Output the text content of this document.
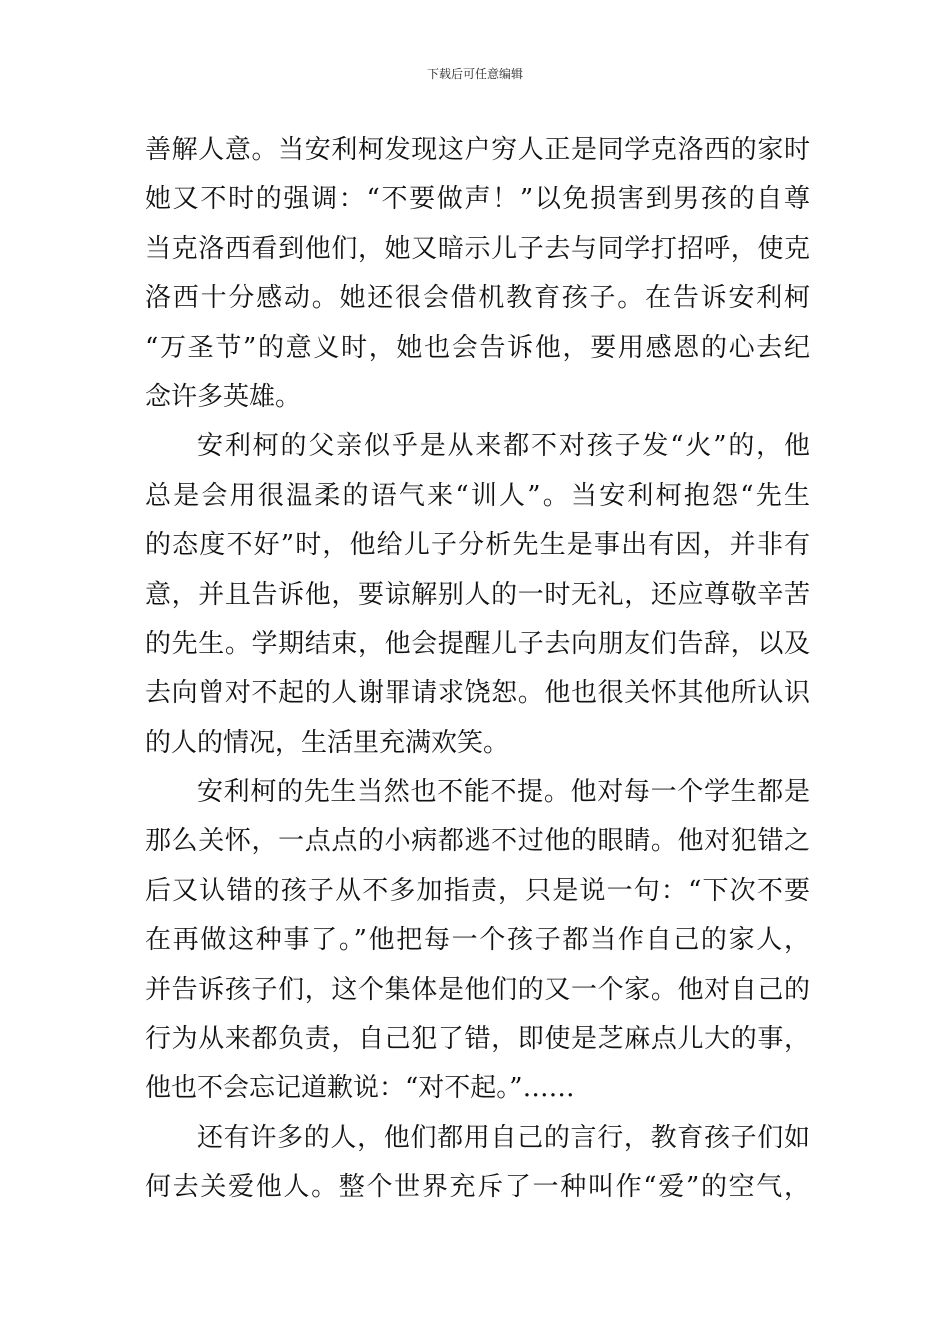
下载后可任意编辑
善解人意。当安利柯发现这户穷人正是同学克洛西的家时
她又不时的强调：“不要做声！”以免损害到男孩的自尊
当克洛西看到他们，她又暗示儿子去与同学打招呼，使克
洛西十分感动。她还很会借机教育孩子。在告诉安利柯
“万圣节”的意义时，她也会告诉他，要用感恩的心去纪
念许多英雄。
安利柯的父亲似乎是从来都不对孩子发“火”的，他
总是会用很温柔的语气来“训人”。当安利柯抱怨“先生
的态度不好”时，他给儿子分析先生是事出有因，并非有
意，并且告诉他，要谅解别人的一时无礼，还应尊敬辛苦
的先生。学期结束，他会提醒儿子去向朋友们告辞，以及
去向曾对不起的人谢罪请求饶恕。他也很关怀其他所认识
的人的情况，生活里充满欢笑。
安利柯的先生当然也不能不提。他对每一个学生都是
那么关怀，一点点的小病都逃不过他的眼睛。他对犯错之
后又认错的孩子从不多加指责，只是说一句：“下次不要
在再做这种事了。”他把每一个孩子都当作自己的家人，
并告诉孩子们，这个集体是他们的又一个家。他对自己的
行为从来都负责，自己犯了错，即使是芝麻点儿大的事，
他也不会忘记道歉说：“对不起。”……
还有许多的人，他们都用自己的言行，教育孩子们如
何去关爱他人。整个世界充斥了一种叫作“爱”的空气，
